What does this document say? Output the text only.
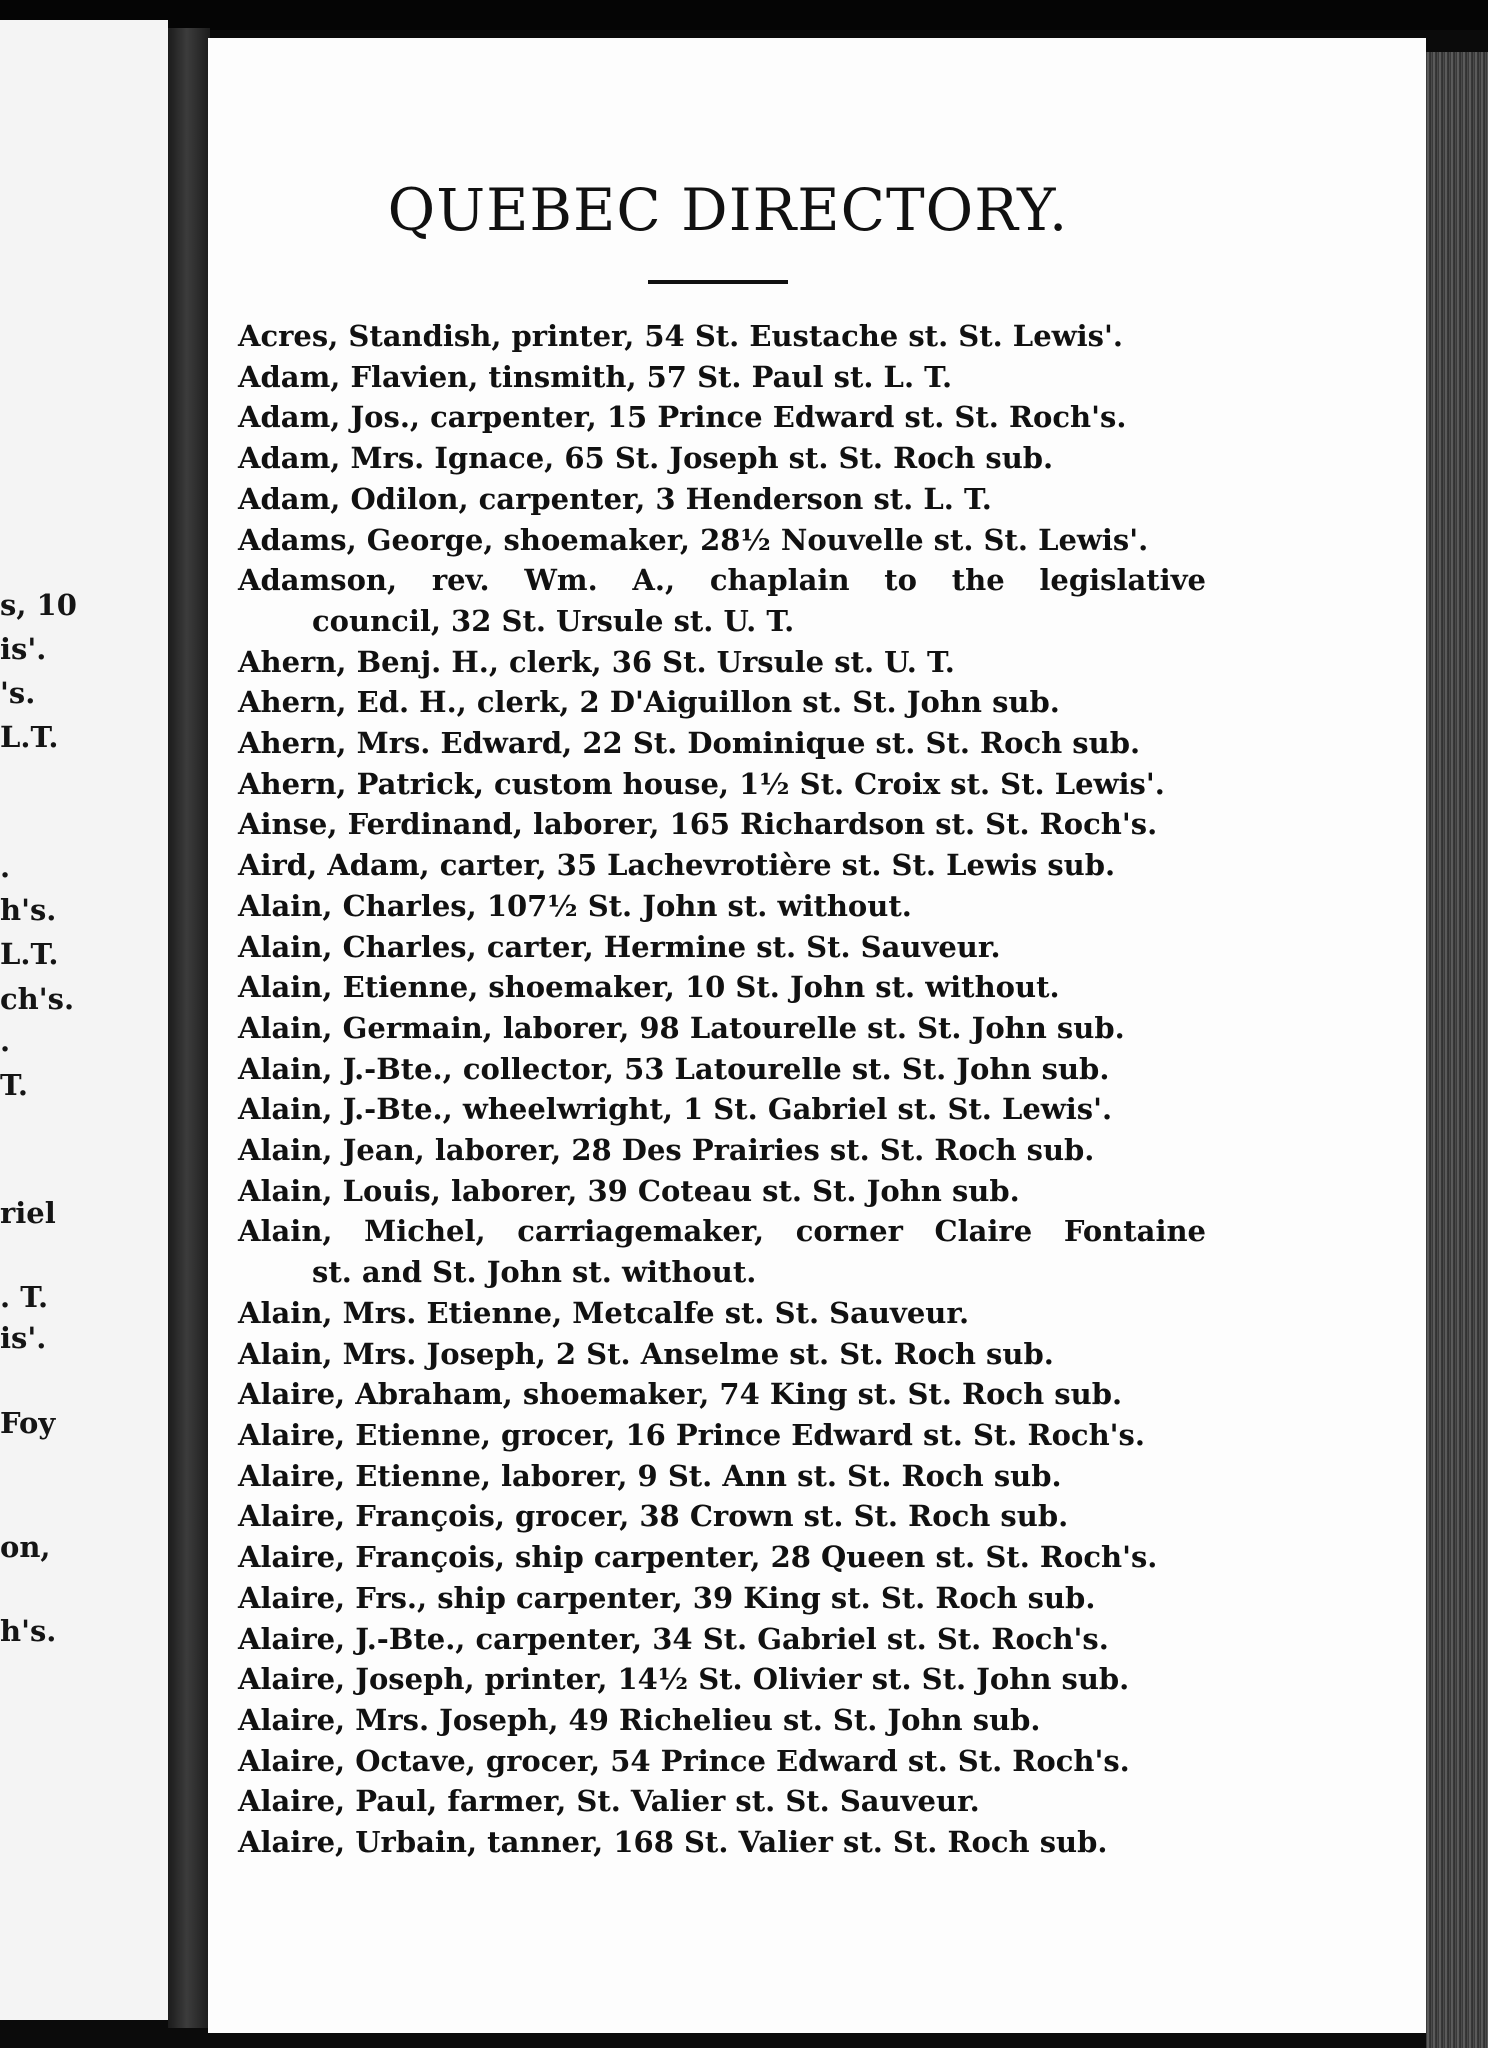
s, 10
is'.
's.
L.T.
.
h's.
L.T.
ch's.
.
T.
riel
. T.
is'.
Foy
on,
h's.
QUEBEC DIRECTORY.

Acres, Standish, printer, 54 St. Eustache st. St. Lewis'.

Adam, Flavien, tinsmith, 57 St. Paul st. L. T.

Adam, Jos., carpenter, 15 Prince Edward st. St. Roch's.

Adam, Mrs. Ignace, 65 St. Joseph st. St. Roch sub.

Adam, Odilon, carpenter, 3 Henderson st. L. T.

Adams, George, shoemaker, 28½ Nouvelle st. St. Lewis'.

Adamson, rev. Wm. A., chaplain to the legislative

council, 32 St. Ursule st. U. T.

Ahern, Benj. H., clerk, 36 St. Ursule st. U. T.

Ahern, Ed. H., clerk, 2 D'Aiguillon st. St. John sub.

Ahern, Mrs. Edward, 22 St. Dominique st. St. Roch sub.

Ahern, Patrick, custom house, 1½ St. Croix st. St. Lewis'.

Ainse, Ferdinand, laborer, 165 Richardson st. St. Roch's.

Aird, Adam, carter, 35 Lachevrotière st. St. Lewis sub.

Alain, Charles, 107½ St. John st. without.

Alain, Charles, carter, Hermine st. St. Sauveur.

Alain, Etienne, shoemaker, 10 St. John st. without.

Alain, Germain, laborer, 98 Latourelle st. St. John sub.

Alain, J.-Bte., collector, 53 Latourelle st. St. John sub.

Alain, J.-Bte., wheelwright, 1 St. Gabriel st. St. Lewis'.

Alain, Jean, laborer, 28 Des Prairies st. St. Roch sub.

Alain, Louis, laborer, 39 Coteau st. St. John sub.

Alain, Michel, carriagemaker, corner Claire Fontaine

st. and St. John st. without.

Alain, Mrs. Etienne, Metcalfe st. St. Sauveur.

Alain, Mrs. Joseph, 2 St. Anselme st. St. Roch sub.

Alaire, Abraham, shoemaker, 74 King st. St. Roch sub.

Alaire, Etienne, grocer, 16 Prince Edward st. St. Roch's.

Alaire, Etienne, laborer, 9 St. Ann st. St. Roch sub.

Alaire, François, grocer, 38 Crown st. St. Roch sub.

Alaire, François, ship carpenter, 28 Queen st. St. Roch's.

Alaire, Frs., ship carpenter, 39 King st. St. Roch sub.

Alaire, J.-Bte., carpenter, 34 St. Gabriel st. St. Roch's.

Alaire, Joseph, printer, 14½ St. Olivier st. St. John sub.

Alaire, Mrs. Joseph, 49 Richelieu st. St. John sub.

Alaire, Octave, grocer, 54 Prince Edward st. St. Roch's.

Alaire, Paul, farmer, St. Valier st. St. Sauveur.

Alaire, Urbain, tanner, 168 St. Valier st. St. Roch sub.
